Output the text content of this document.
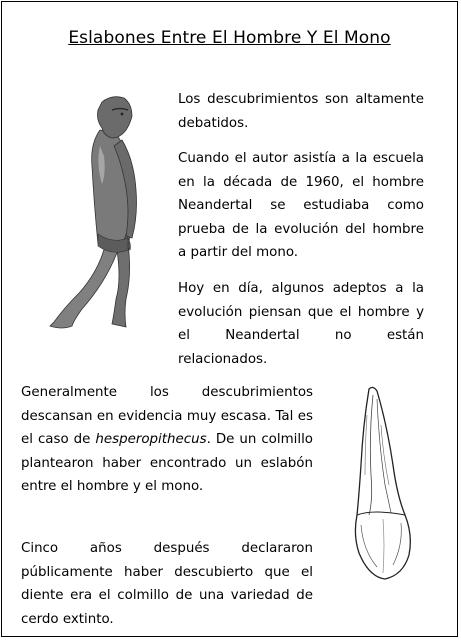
Eslabones Entre El Hombre Y El Mono

Los descubrimientos son altamente debatidos.

Cuando el autor asistía a la escuela en la década de 1960, el hombre Neandertal se estudiaba como prueba de la evolución del hombre a partir del mono.

Hoy en día, algunos adeptos a la evolución piensan que el hombre y el Neandertal no están relacionados.

Generalmente los descubrimientos descansan en evidencia muy escasa. Tal es el caso de hesperopithecus. De un colmillo plantearon haber encontrado un eslabón entre el hombre y el mono.

Cinco años después declararon públicamente haber descubierto que el diente era el colmillo de una variedad de cerdo extinto.
